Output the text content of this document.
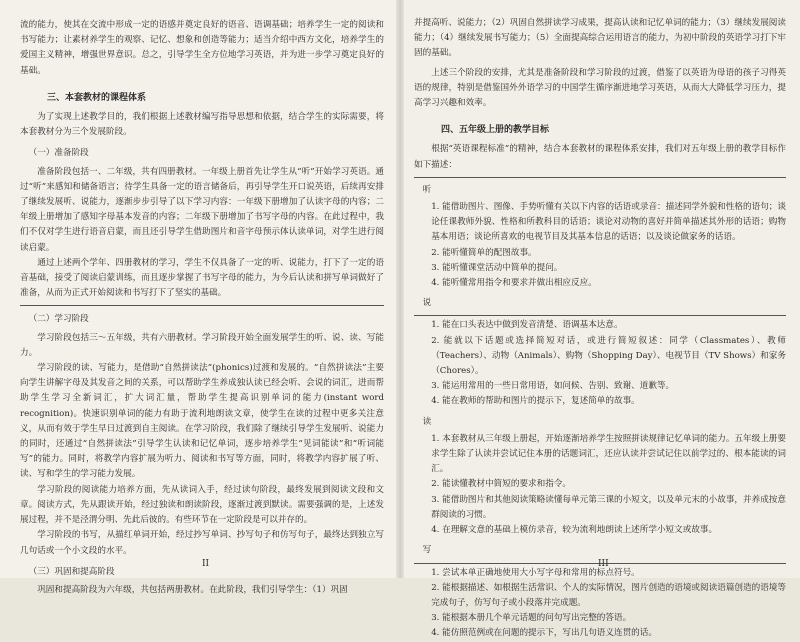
流的能力，使其在交流中形成一定的语感并奠定良好的语音、语调基础；培养学生一定的阅读和书写能力；让素材养学生的观察、记忆、想象和创造等能力；适当介绍中西方文化，培养学生的爱国主义精神，增强世界意识。总之，引导学生全方位地学习英语，并为进一步学习奠定良好的基础。

三、本套教材的课程体系

为了实现上述教学目的，我们根据上述教材编写指导思想和依据，结合学生的实际需要，将本套教材分为三个发展阶段。

（一）准备阶段

准备阶段包括一、二年级，共有四册教材。一年级上册首先让学生从“听”开始学习英语。通过“听”来感知和储备语言；待学生具备一定的语言储备后，再引导学生开口说英语，后续再安排了继续发展听、说能力，逐渐步步引导了以下学习内容：一年级下册增加了认读字母的内容；二年级上册增加了感知字母基本发音的内容；二年级下册增加了书写字母的内容。在此过程中，我们不仅对学生进行语音启蒙，而且还引导学生借助图片和音字母预示体认读单词，对学生进行阅读启蒙。

通过上述两个学年、四册教材的学习，学生不仅具备了一定的听、说能力，打下了一定的语音基础，接受了阅读启蒙训练，而且逐步掌握了书写字母的能力，为今后认读和拼写单词做好了准备，从而为正式开始阅读和书写打下了坚实的基础。

（二）学习阶段

学习阶段包括三～五年级，共有六册教材。学习阶段开始全面发展学生的听、说、读、写能力。

学习阶段的读、写能力，是借助“自然拼读法”(phonics)过渡和发展的。“自然拼读法”主要向学生讲解字母及其发音之间的关系，可以帮助学生养成独认读已经会听、会说的词汇，进而帮助学生学习全新词汇，扩大词汇量，帮助学生提高识别单词的能力(instant word recognition)。快速识别单词的能力有助于流利地朗读文章，使学生在读的过程中更多关注意义，从而有效于学生早日过渡到自主阅读。在学习阶段，我们除了继续引导学生发展听、说能力的同时，还通过“自然拼读法”引导学生认读和记忆单词，逐步培养学生“见词能读”和“听词能写”的能力。同时，将教学内容扩展为听力、阅读和书写等方面，同时，将教学内容扩展了听、读、写和学生的学习能力发展。

学习阶段的阅读能力培养方面，先从读词入手，经过读句阶段，最终发展到阅读文段和文章。阅读方式，先从跟读开始，经过独读和朗读阶段，逐渐过渡到默读。需要强调的是，上述发展过程，并不是泾渭分明、先此后彼的。有些环节在一定阶段是可以并存的。

学习阶段的书写，从描红单词开始，经过抄写单词、抄写句子和仿写句子，最终达到独立写几句话或一个小文段的水平。

（三）巩固和提高阶段

巩固和提高阶段为六年级，共包括两册教材。在此阶段，我们引导学生：（1）巩固

II

并提高听、说能力；（2）巩固自然拼读学习成果，提高认读和记忆单词的能力；（3）继续发展阅读能力；（4）继续发展书写能力；（5）全面提高综合运用语言的能力，为初中阶段的英语学习打下牢固的基础。

上述三个阶段的安排，尤其是准备阶段和学习阶段的过渡，借鉴了以英语为母语的孩子习得英语的规律，特别是借鉴国外外语学习的中国学生循序渐进地学习英语，从而大大降低学习压力，提高学习兴趣和效率。

四、五年级上册的教学目标

根据“英语课程标准”的精神，结合本套教材的课程体系安排，我们对五年级上册的教学目标作如下描述：

听

1. 能借助图片、图像、手势听懂有关以下内容的话语或录音：描述同学外貌和性格的语句；谈论任课教师外貌、性格和所教科目的话语；谈论对动物的喜好并简单描述其外形的话语；购物基本用语；谈论所喜欢的电视节目及其基本信息的话语；以及谈论做家务的话语。

2. 能听懂简单的配图故事。

3. 能听懂课堂活动中简单的提问。

4. 能听懂常用指令和要求并做出相应反应。

说

1. 能在口头表达中做到发音清楚、语调基本达意。

2. 能就以下话题或选择简短对话，或进行简短叙述：同学（Classmates）、教师（Teachers）、动物（Animals）、购物（Shopping Day）、电视节目（TV Shows）和家务（Chores）。

3. 能运用常用的一些日常用语，如问候、告别、致谢、道歉等。

4. 能在教师的帮助和图片的提示下，复述简单的故事。

读

1. 本套教材从三年级上册起，开始逐渐培养学生按照拼读规律记忆单词的能力。五年级上册要求学生除了认读并尝试记住本册的话题词汇，还应认读并尝试记住以前学过的、根本能读的词汇。

2. 能读懂教材中简短的要求和指令。

3. 能借助图片和其他阅读策略读懂每单元第三课的小短文，以及单元末的小故事，并养成按意群阅读的习惯。

4. 在理解文意的基础上模仿录音，较为流利地朗读上述所学小短文或故事。

写

1. 尝试本单正确地使用大小写字母和常用的标点符号。

2. 能根据描述、如根据生活常识、个人的实际情况，图片创造的语境或阅读语篇创造的语境等完成句子，仿写句子或小段落并完成题。

3. 能根据本册几个单元话题的问句写出完整的答语。

4. 能仿照范例或在问题的提示下，写出几句语义连贯的话。

III
